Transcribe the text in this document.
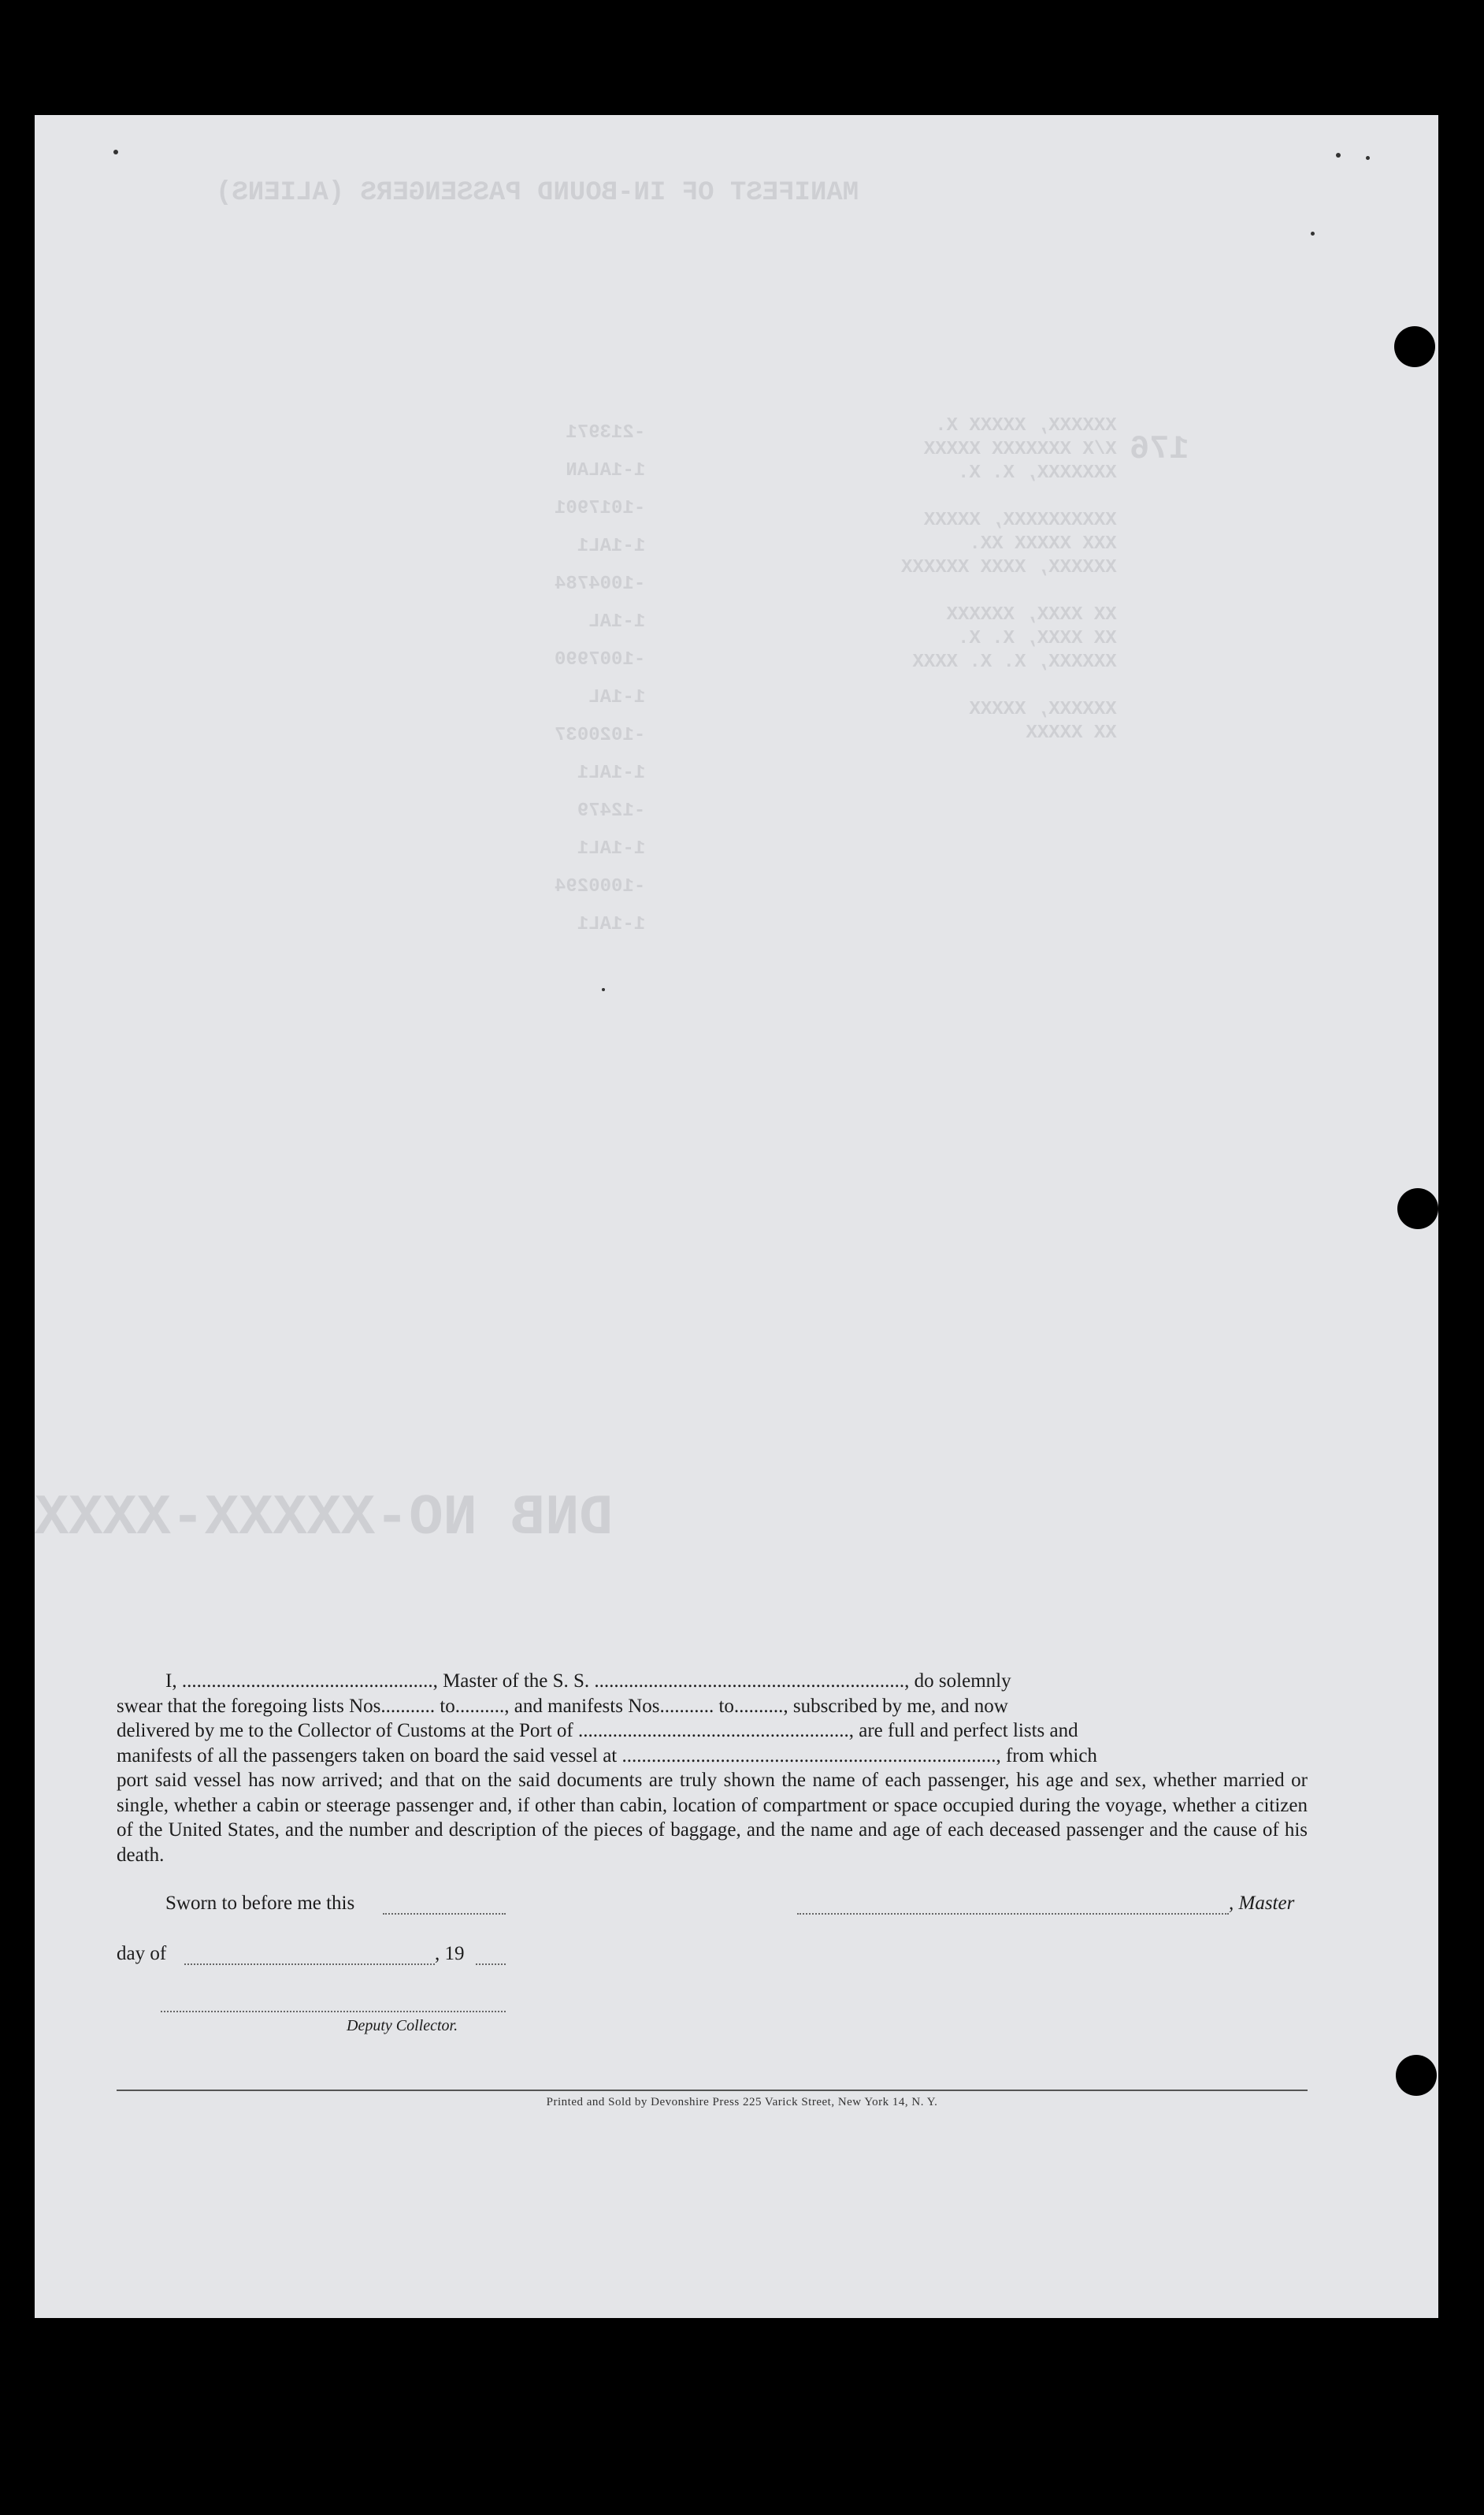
MANIFEST OF IN-BOUND PASSENGERS (ALIENS)
176
-213971
1-1ALAN
-1017901
1-1AL1
-1004784
1-1AL
-1007990
1-1AL
-1020037
1-1AL1
-12479
1-1AL1
-1000294
1-1AL1
XXXXXX, XXXXX X.
X/X XXXXXXX XXXXX
XXXXXXX, X. X.

XXXXXXXXXX, XXXXX
XXX XXXXX XX.
XXXXXX, XXXX XXXXXX

XX XXXX, XXXXXX
XX XXXX, X. X.
XXXXXX, X. X. XXXX

XXXXXX, XXXXX
XX XXXXX
DNB NO-XXXXX-XXXX

I, ..................................................., Master of the S. S. ..............................................................., do solemnly

swear that the foregoing lists Nos........... to.........., and manifests Nos........... to.........., subscribed by me, and now

delivered by me to the Collector of Customs at the Port of ......................................................., are full and perfect lists and

manifests of all the passengers taken on board the said vessel at ............................................................................, from which

port said vessel has now arrived; and that on the said documents are truly shown the name of each passenger, his age and sex, whether married or single, whether a cabin or steerage passenger and, if other than cabin, location of compartment or space occupied during the voyage, whether a citizen of the United States, and the number and description of the pieces of baggage, and the name and age of each deceased passenger and the cause of his death.

Sworn to before me this	, Master
day of	, 19
Deputy Collector.
Printed and Sold by Devonshire Press 225 Varick Street, New York 14, N. Y.
